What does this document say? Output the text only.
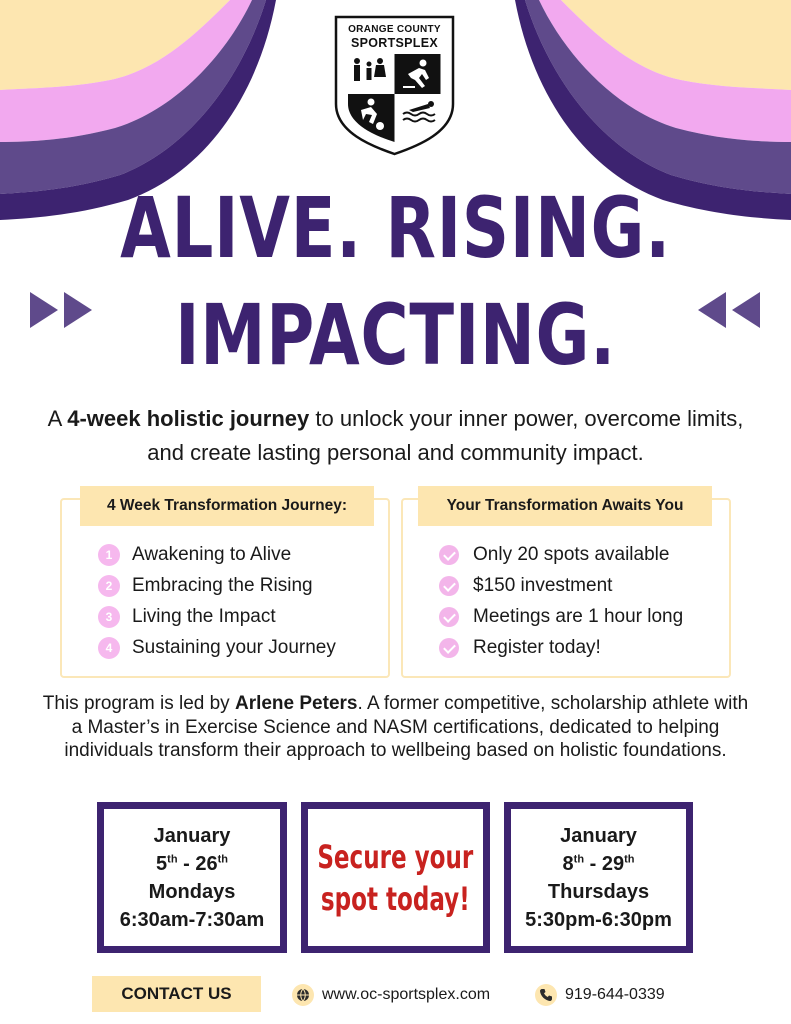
ORANGE COUNTY
SPORTSPLEX
ALIVE. RISING.
IMPACTING.

A 4-week holistic journey to unlock your inner power, overcome limits, and create lasting personal and community impact.

4 Week Transformation Journey:
1	Awakening to Alive
2	Embracing the Rising
3	Living the Impact
4	Sustaining your Journey
Your Transformation Awaits You
Only 20 spots available
$150 investment
Meetings are 1 hour long
Register today!

This program is led by Arlene Peters. A former competitive, scholarship athlete with a Master’s in Exercise Science and NASM certifications, dedicated to helping individuals transform their approach to wellbeing based on holistic foundations.

January
5th - 26th
Mondays
6:30am-7:30am
Secure your
spot today!
January
8th - 29th
Thursdays
5:30pm-6:30pm
CONTACT US	www.oc-sportsplex.com	919-644-0339
